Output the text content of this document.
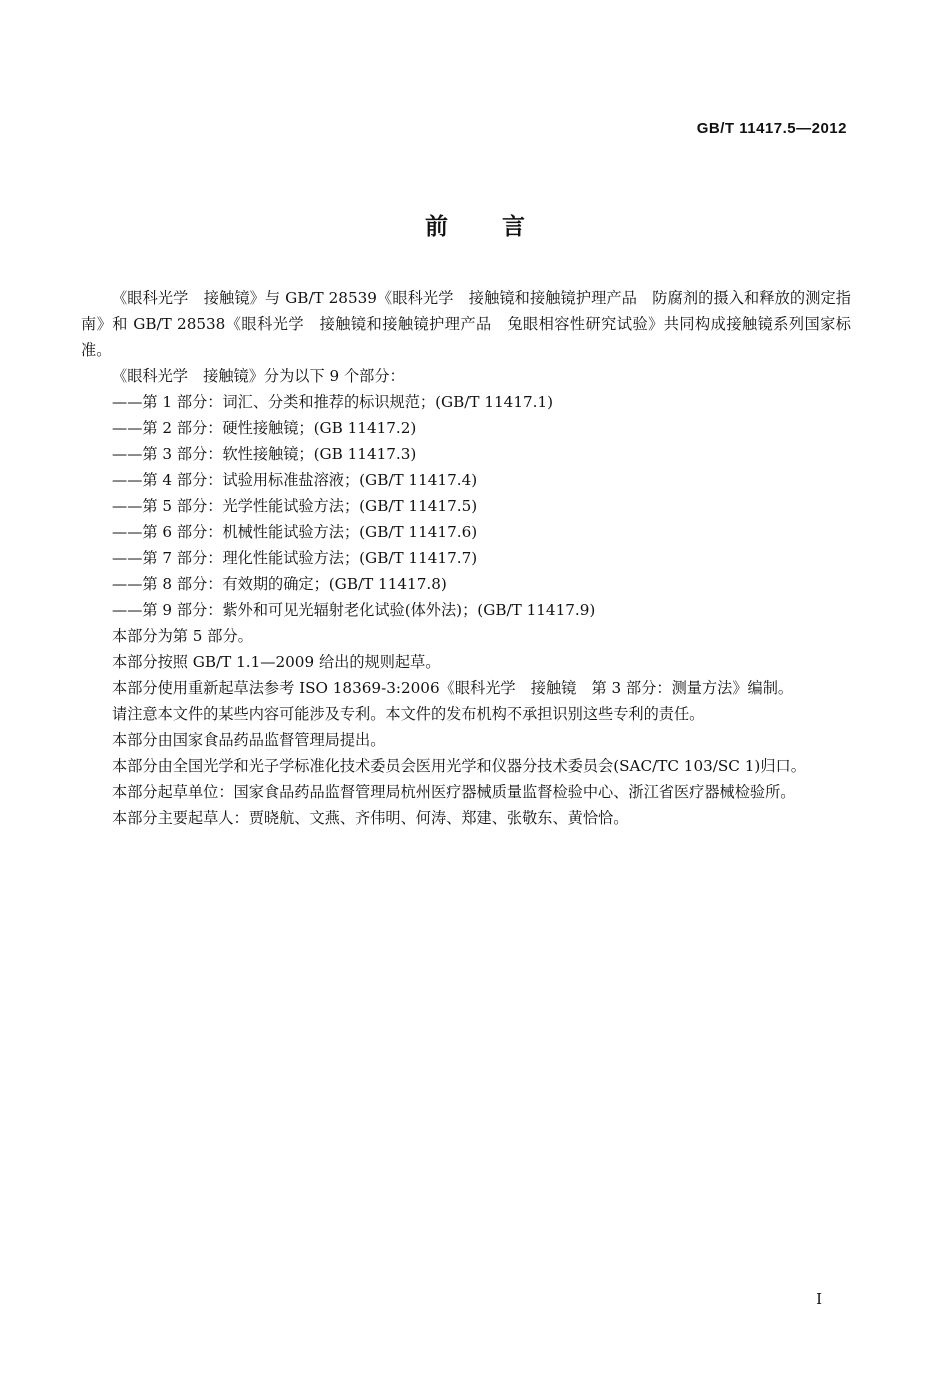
GB/T 11417.5—2012
前言

《眼科光学　接触镜》与 GB/T 28539《眼科光学　接触镜和接触镜护理产品　防腐剂的摄入和释放的测定指南》和 GB/T 28538《眼科光学　接触镜和接触镜护理产品　兔眼相容性研究试验》共同构成接触镜系列国家标准。

《眼科光学　接触镜》分为以下 9 个部分：

——第 1 部分：词汇、分类和推荐的标识规范；(GB/T 11417.1)
——第 2 部分：硬性接触镜；(GB 11417.2)
——第 3 部分：软性接触镜；(GB 11417.3)
——第 4 部分：试验用标准盐溶液；(GB/T 11417.4)
——第 5 部分：光学性能试验方法；(GB/T 11417.5)
——第 6 部分：机械性能试验方法；(GB/T 11417.6)
——第 7 部分：理化性能试验方法；(GB/T 11417.7)
——第 8 部分：有效期的确定；(GB/T 11417.8)
——第 9 部分：紫外和可见光辐射老化试验(体外法)；(GB/T 11417.9)

本部分为第 5 部分。

本部分按照 GB/T 1.1—2009 给出的规则起草。

本部分使用重新起草法参考 ISO 18369-3:2006《眼科光学　接触镜　第 3 部分：测量方法》编制。

请注意本文件的某些内容可能涉及专利。本文件的发布机构不承担识别这些专利的责任。

本部分由国家食品药品监督管理局提出。

本部分由全国光学和光子学标准化技术委员会医用光学和仪器分技术委员会(SAC/TC 103/SC 1)归口。

本部分起草单位：国家食品药品监督管理局杭州医疗器械质量监督检验中心、浙江省医疗器械检验所。

本部分主要起草人：贾晓航、文燕、齐伟明、何涛、郑建、张敬东、黄恰恰。

I
